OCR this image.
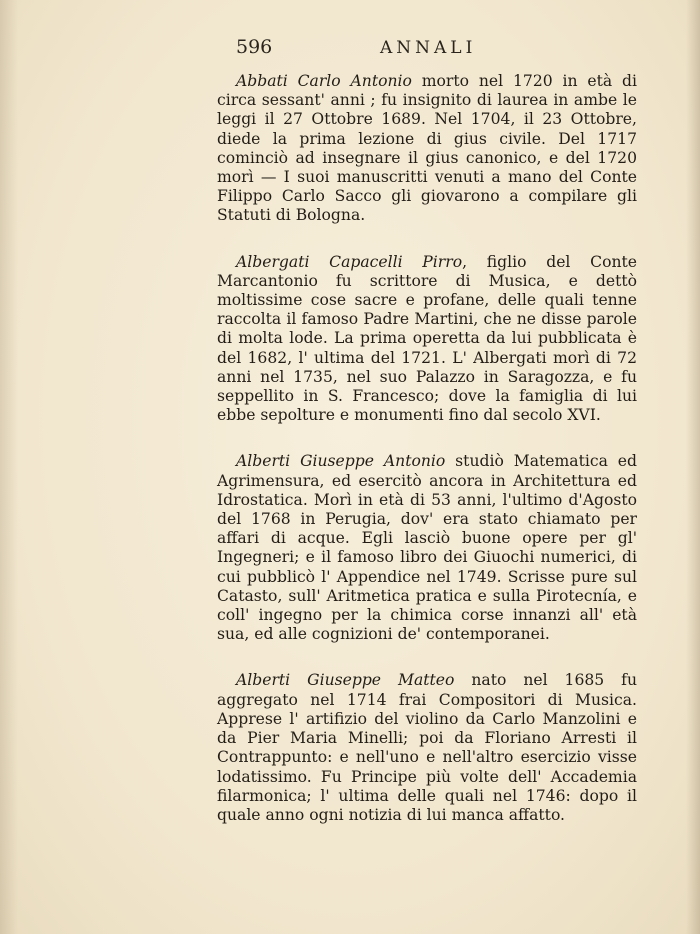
596	ANNALI

Abbati Carlo Antonio morto nel 1720 in età di circa sessant' anni ; fu insignito di laurea in ambe le leggi il 27 Ottobre 1689. Nel 1704, il 23 Ottobre, diede la prima lezione di gius civile. Del 1717 cominciò ad insegnare il gius canonico, e del 1720 morì — I suoi manuscritti venuti a mano del Conte Filippo Carlo Sacco gli giovarono a compilare gli Statuti di Bologna.

Albergati Capacelli Pirro, figlio del Conte Marcantonio fu scrittore di Musica, e dettò moltissime cose sacre e profane, delle quali tenne raccolta il famoso Padre Martini, che ne disse parole di molta lode. La prima operetta da lui pubblicata è del 1682, l' ultima del 1721. L' Albergati morì di 72 anni nel 1735, nel suo Palazzo in Saragozza, e fu seppellito in S. Francesco; dove la famiglia di lui ebbe sepolture e monumenti fino dal secolo XVI.

Alberti Giuseppe Antonio studiò Matematica ed Agrimensura, ed esercitò ancora in Architettura ed Idrostatica. Morì in età di 53 anni, l'ultimo d'Agosto del 1768 in Perugia, dov' era stato chiamato per affari di acque. Egli lasciò buone opere per gl' Ingegneri; e il famoso libro dei Giuochi numerici, di cui pubblicò l' Appendice nel 1749. Scrisse pure sul Catasto, sull' Aritmetica pratica e sulla Pirotecnía, e coll' ingegno per la chimica corse innanzi all' età sua, ed alle cognizioni de' contemporanei.

Alberti Giuseppe Matteo nato nel 1685 fu aggregato nel 1714 frai Compositori di Musica. Apprese l' artifizio del violino da Carlo Manzolini e da Pier Maria Minelli; poi da Floriano Arresti il Contrappunto: e nell'uno e nell'altro esercizio visse lodatissimo. Fu Principe più volte dell' Accademia filarmonica; l' ultima delle quali nel 1746: dopo il quale anno ogni notizia di lui manca affatto.
